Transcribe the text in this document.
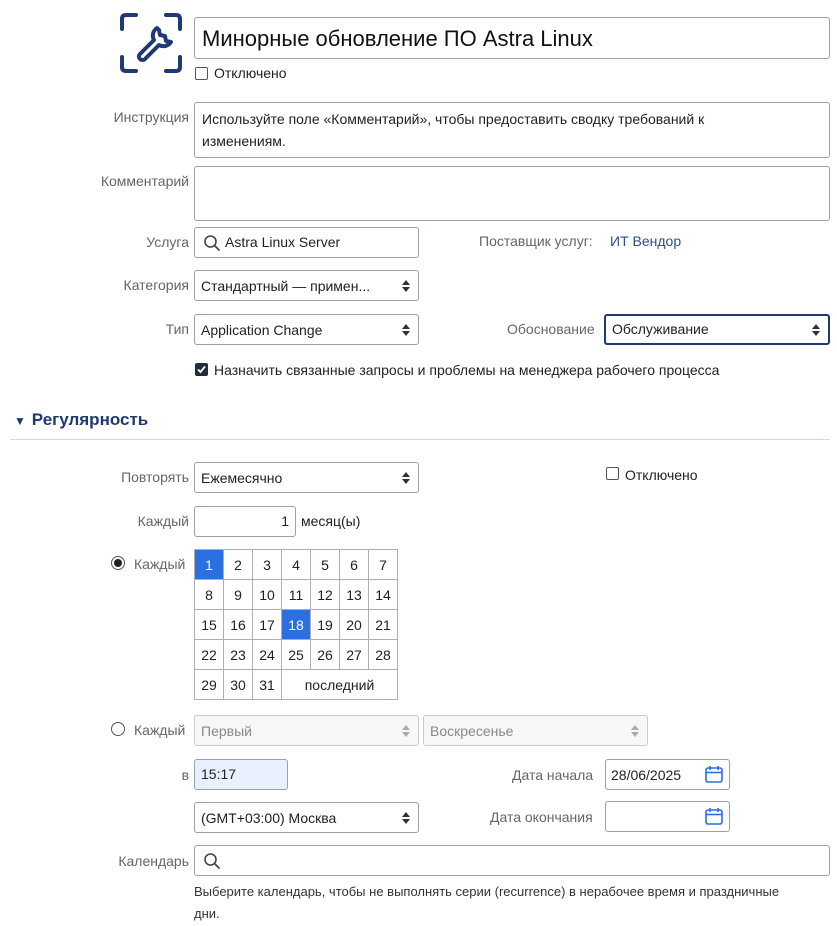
Минорные обновление ПО Astra Linux
Отключено
Инструкция Используйте поле «Комментарий», чтобы предоставить сводку требований к изменениям.
Комментарий
Услуга	Astra Linux Server	Поставщик услуг: ИТ Вендор
Категория Стандартный — примен...
Тип Application Change	Обоснование	Обслуживание
Назначить связанные запросы и проблемы на менеджера рабочего процесса
▼ Регулярность
Повторять Ежемесячно	Отключено
Каждый	1 месяц(ы)
Каждый 1	2	3	4	5	6	7
8	9	10	11	12	13	14
15	16	17	18	19	20	21
22	23	24	25	26	27	28
29	30	31	последний			
Каждый	Первый	Воскресенье
в 15:17	Дата начала 28/06/2025
(GMT+03:00) Москва	Дата окончания
Календарь
Выберите календарь, чтобы не выполнять серии (recurrence) в нерабочее время и праздничные дни.
